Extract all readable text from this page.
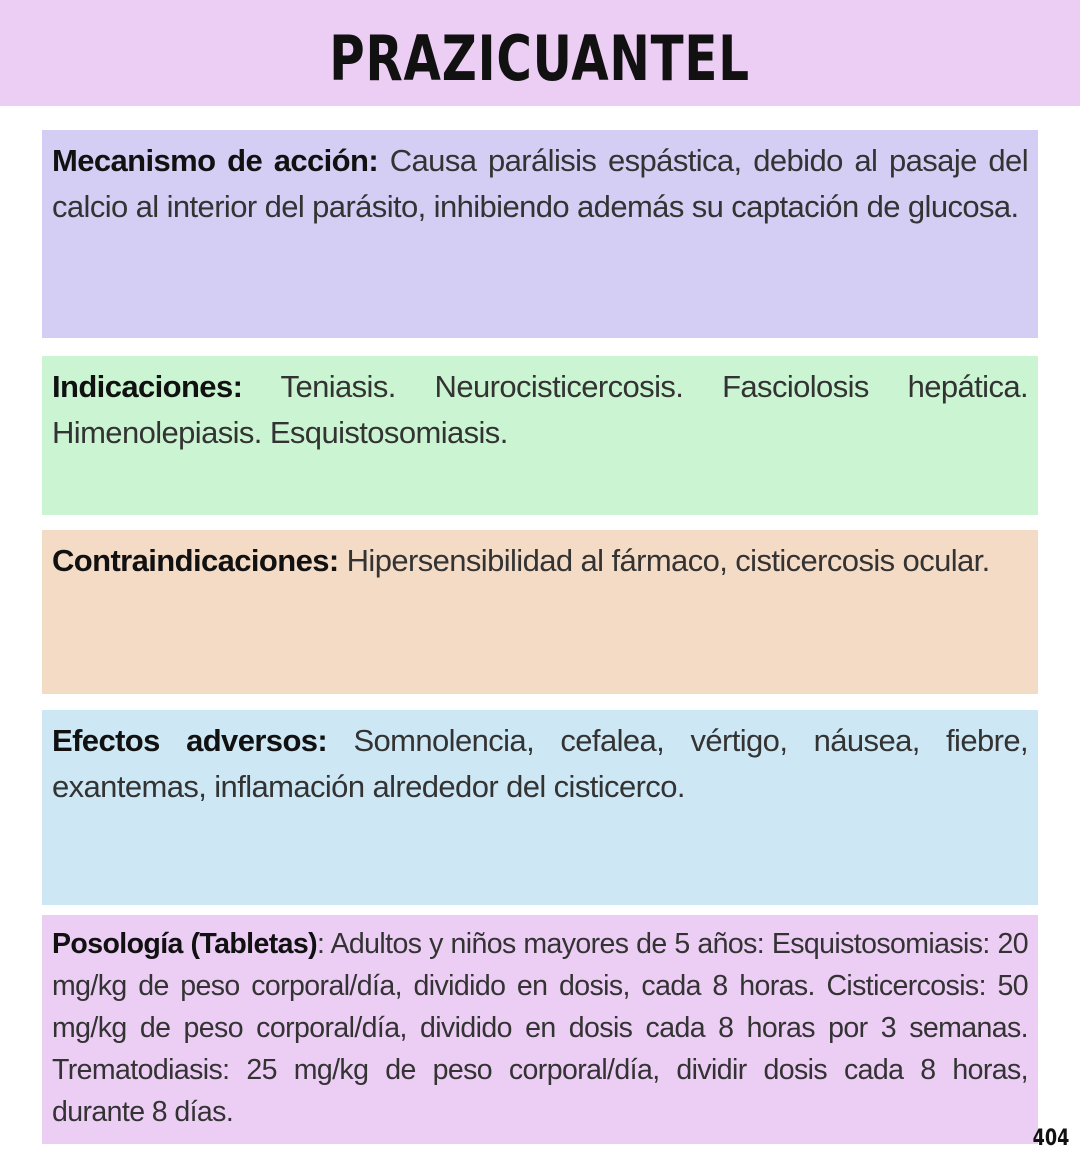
PRAZICUANTEL

Mecanismo de acción: Causa parálisis espástica, debido al pasaje del calcio al interior del parásito, inhibiendo además su captación de glucosa.

Indicaciones: Teniasis. Neurocisticercosis. Fasciolosis hepática. Himenolepiasis. Esquistosomiasis.

Contraindicaciones: Hipersensibilidad al fármaco, cisticercosis ocular.

Efectos adversos: Somnolencia, cefalea, vértigo, náusea, fiebre, exantemas, inflamación alrededor del cisticerco.

Posología (Tabletas): Adultos y niños mayores de 5 años: Esquistosomiasis: 20 mg/kg de peso corporal/día, dividido en dosis, cada 8 horas. Cisticercosis: 50 mg/kg de peso corporal/día, dividido en dosis cada 8 horas por 3 semanas. Trematodiasis: 25 mg/kg de peso corporal/día, dividir dosis cada 8 horas, durante 8 días.

404
